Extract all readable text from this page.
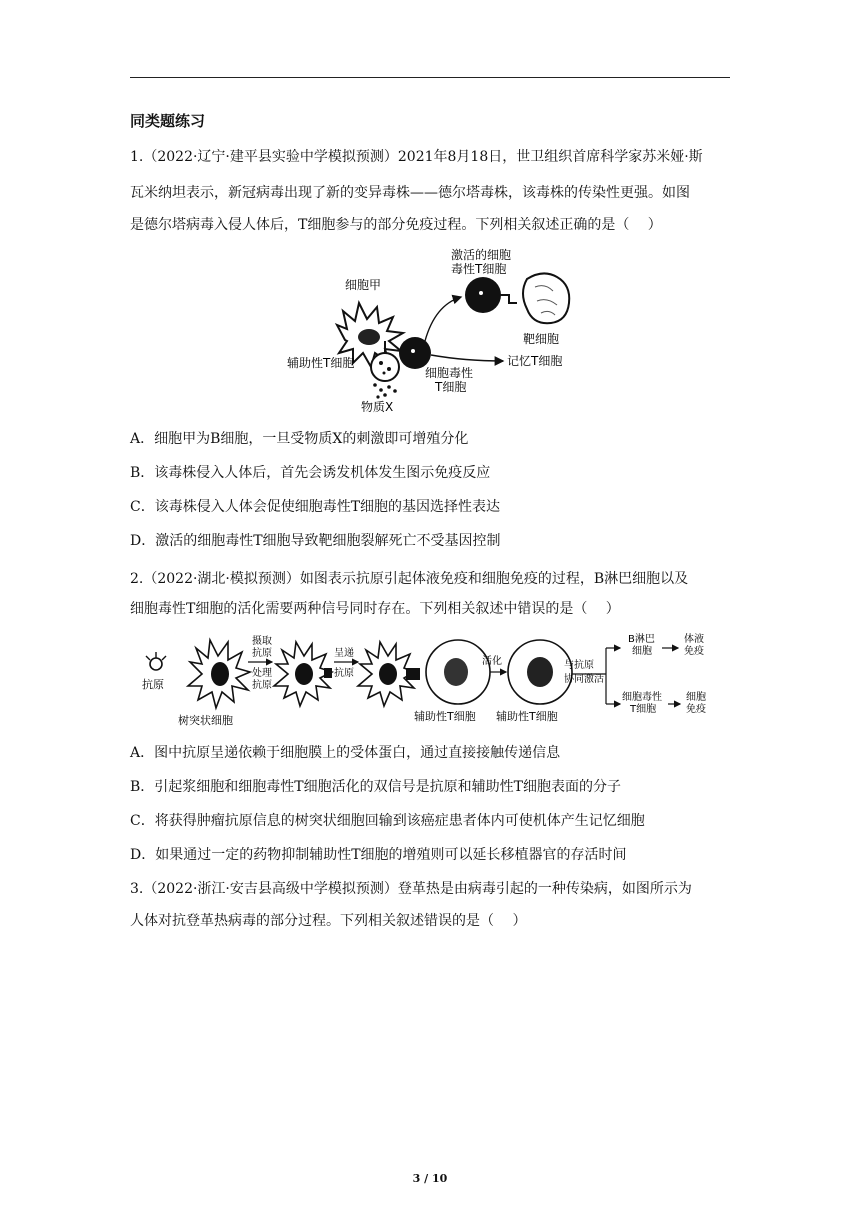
同类题练习
1.（2022·辽宁·建平县实验中学模拟预测）2021年8月18日，世卫组织首席科学家苏米娅·斯
瓦米纳坦表示，新冠病毒出现了新的变异毒株——德尔塔毒株，该毒株的传染性更强。如图
是德尔塔病毒入侵人体后，T细胞参与的部分免疫过程。下列相关叙述正确的是（　 ）
细胞甲
辅助性T细胞
物质X
细胞毒性
T细胞
激活的细胞
毒性T细胞
靶细胞
记忆T细胞
A．细胞甲为B细胞，一旦受物质X的刺激即可增殖分化
B．该毒株侵入人体后，首先会诱发机体发生图示免疫反应
C．该毒株侵入人体会促使细胞毒性T细胞的基因选择性表达
D．激活的细胞毒性T细胞导致靶细胞裂解死亡不受基因控制
2.（2022·湖北·模拟预测）如图表示抗原引起体液免疫和细胞免疫的过程，B淋巴细胞以及
细胞毒性T细胞的活化需要两种信号同时存在。下列相关叙述中错误的是（　 ）
抗原
树突状细胞
摄取
抗原
处理
抗原
呈递
抗原
辅助性T细胞
活化
辅助性T细胞
与抗原
协同激活
B淋巴
细胞
体液
免疫
细胞毒性
T细胞
细胞
免疫
A．图中抗原呈递依赖于细胞膜上的受体蛋白，通过直接接触传递信息
B．引起浆细胞和细胞毒性T细胞活化的双信号是抗原和辅助性T细胞表面的分子
C．将获得肿瘤抗原信息的树突状细胞回输到该癌症患者体内可使机体产生记忆细胞
D．如果通过一定的药物抑制辅助性T细胞的增殖则可以延长移植器官的存活时间
3.（2022·浙江·安吉县高级中学模拟预测）登革热是由病毒引起的一种传染病，如图所示为
人体对抗登革热病毒的部分过程。下列相关叙述错误的是（　 ）
3 / 10
